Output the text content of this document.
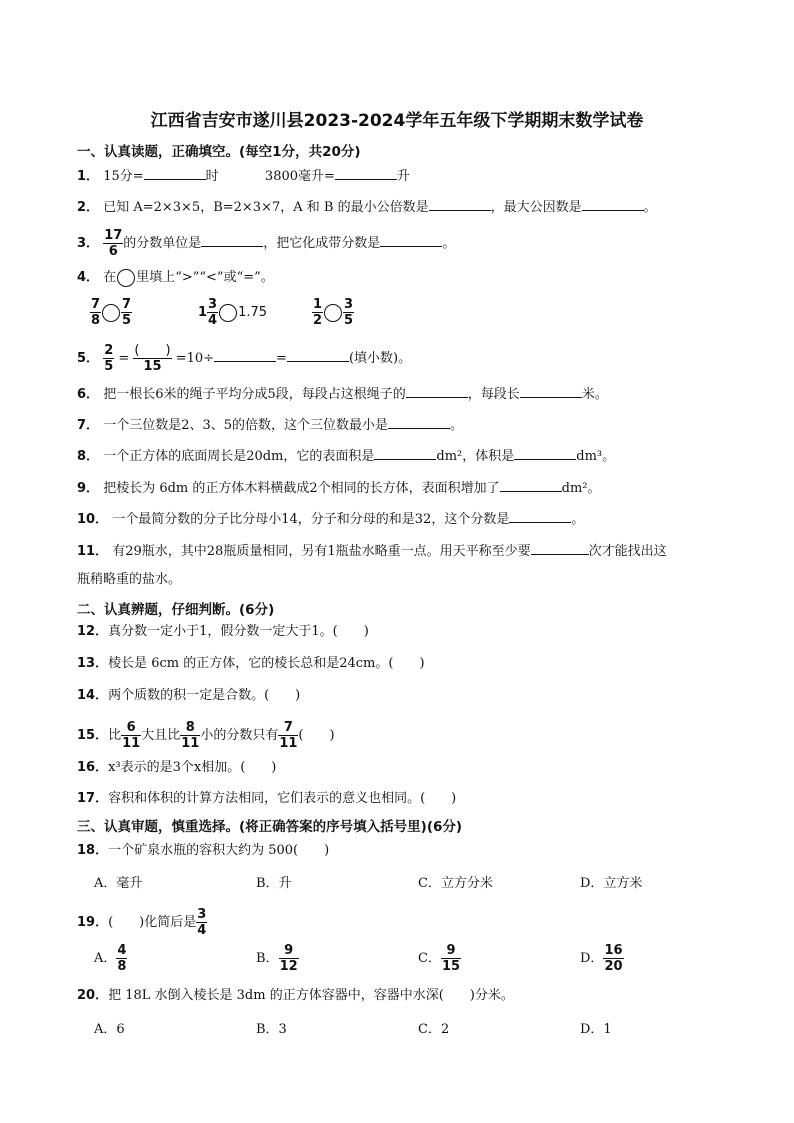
江西省吉安市遂川县2023-2024学年五年级下学期期末数学试卷
一、认真读题，正确填空。(每空1分，共20分)
1． 15分=	时	3800毫升=	升
2． 已知 A=2×3×5，B=2×3×7，A 和 B 的最小公倍数是	，最大公因数是	。
3． $\frac{17}{6}$ 的分数单位是	，把它化成带分数是	。
4． 在 里填上“>”“<”或“=”。
$\frac{7}{8} \frac{7}{5}$	$1 \frac{3}{4} 1.75$	$\frac{1}{2} \frac{3}{5}$
5． $\frac{2}{5} = \frac{( )}{15} =10\div$	=	(填小数)。
6． 把一根长6米的绳子平均分成5段，每段占这根绳子的	，每段长	米。
7． 一个三位数是2、3、5的倍数，这个三位数最小是	。
8． 一个正方体的底面周长是20dm，它的表面积是	dm²，体积是	dm³。
9． 把棱长为 6dm 的正方体木料横截成2个相同的长方体，表面积增加了	dm²。
10． 一个最简分数的分子比分母小14，分子和分母的和是32，这个分数是	。
11． 有29瓶水，其中28瓶质量相同，另有1瓶盐水略重一点。用天平称至少要	次才能找出这
瓶稍略重的盐水。
二、认真辨题，仔细判断。(6分)
12．真分数一定小于1，假分数一定大于1。(　　)
13．棱长是 6cm 的正方体，它的棱长总和是24cm。(　　)
14．两个质数的积一定是合数。(　　)
15．比 $\frac{6}{11}$ 大且比 $\frac{8}{11}$ 小的分数只有 $\frac{7}{11}$ (　　)
16．x³表示的是3个x相加。(　　)
17．容积和体积的计算方法相同，它们表示的意义也相同。(　　)
三、认真审题，慎重选择。(将正确答案的序号填入括号里)(6分)
18．一个矿泉水瓶的容积大约为 500(　　)
A．毫升	B．升	C．立方分米	D．立方米
19．(　　)化简后是 $\frac{3}{4}$
A． $\frac{4}{8}$	B． $\frac{9}{12}$	C． $\frac{9}{15}$	D． $\frac{16}{20}$
20．把 18L 水倒入棱长是 3dm 的正方体容器中，容器中水深(　　)分米。
A．6	B．3	C．2	D．1
